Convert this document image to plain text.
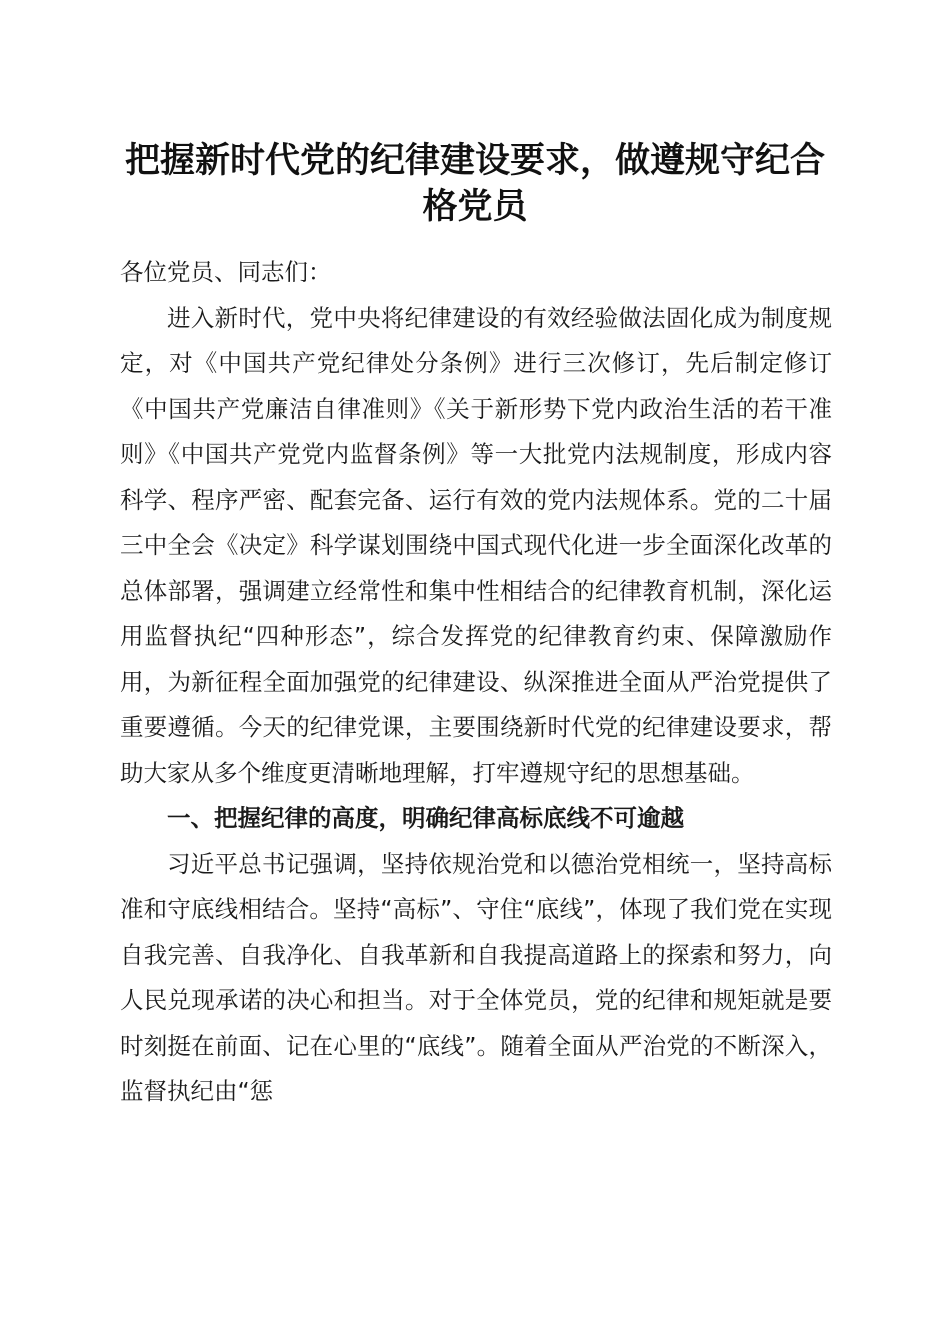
把握新时代党的纪律建设要求，做遵规守纪合格党员

各位党员、同志们：

进入新时代，党中央将纪律建设的有效经验做法固化成为制度规定，对《中国共产党纪律处分条例》进行三次修订，先后制定修订《中国共产党廉洁自律准则》《关于新形势下党内政治生活的若干准则》《中国共产党党内监督条例》等一大批党内法规制度，形成内容科学、程序严密、配套完备、运行有效的党内法规体系。党的二十届三中全会《决定》科学谋划围绕中国式现代化进一步全面深化改革的总体部署，强调建立经常性和集中性相结合的纪律教育机制，深化运用监督执纪“四种形态”，综合发挥党的纪律教育约束、保障激励作用，为新征程全面加强党的纪律建设、纵深推进全面从严治党提供了重要遵循。今天的纪律党课，主要围绕新时代党的纪律建设要求，帮助大家从多个维度更清晰地理解，打牢遵规守纪的思想基础。

一、把握纪律的高度，明确纪律高标底线不可逾越

习近平总书记强调，坚持依规治党和以德治党相统一，坚持高标准和守底线相结合。坚持“高标”、守住“底线”，体现了我们党在实现自我完善、自我净化、自我革新和自我提高道路上的探索和努力，向人民兑现承诺的决心和担当。对于全体党员，党的纪律和规矩就是要时刻挺在前面、记在心里的“底线”。随着全面从严治党的不断深入，监督执纪由“惩
